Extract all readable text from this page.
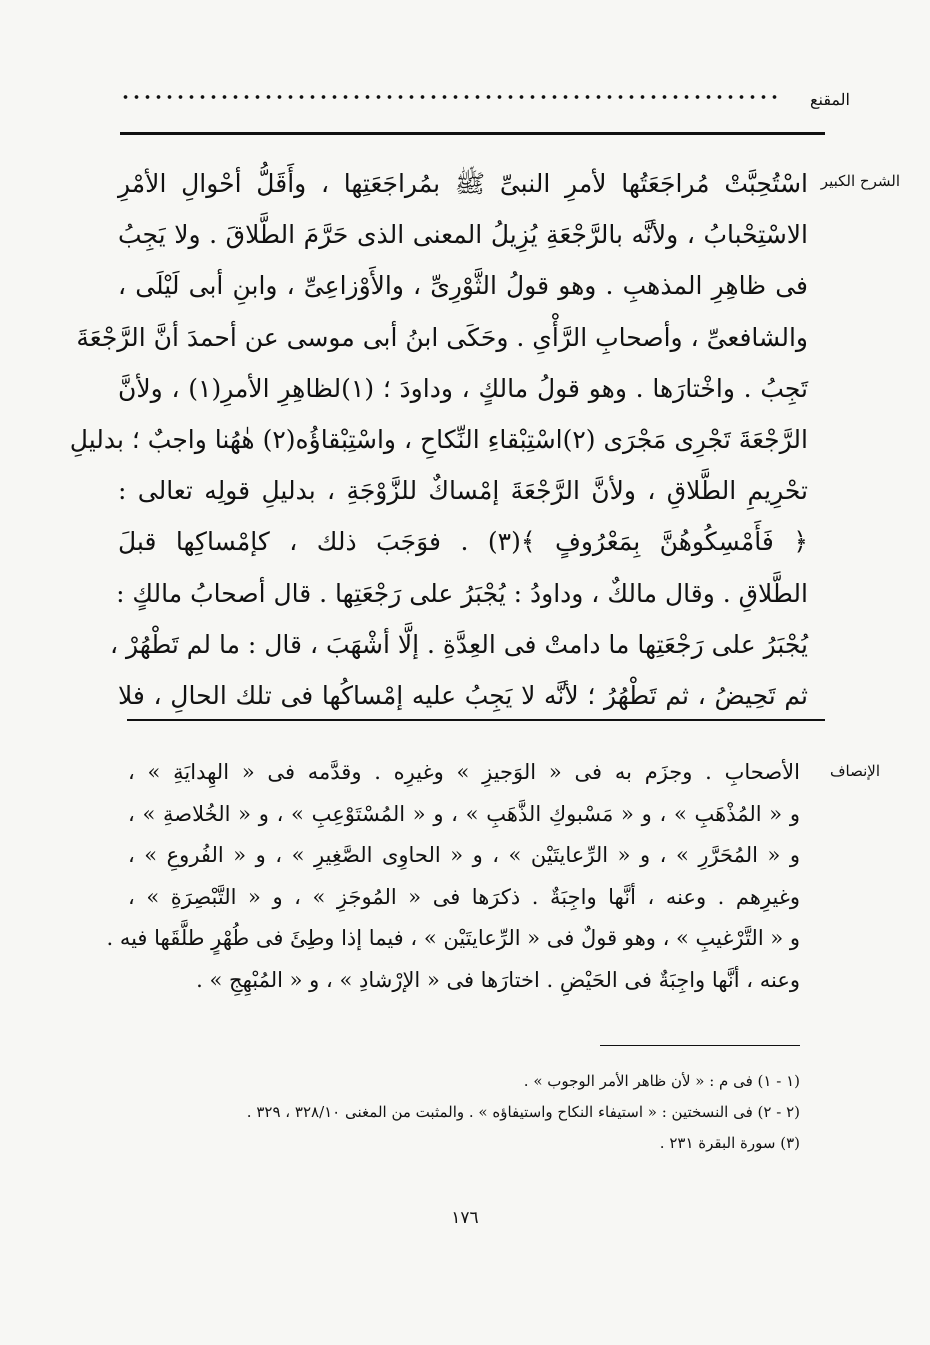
المقنع
الشرح الكبير
اسْتُحِبَّتْ مُراجَعَتُها لأمرِ النبىِّ ﷺ بمُراجَعَتِها ، وأَقَلُّ أحْوالِ الأمْرِ
الاسْتِحْبابُ ، ولأنَّه بالرَّجْعَةِ يُزِيلُ المعنى الذى حَرَّمَ الطَّلاقَ . ولا يَجِبُ
فى ظاهِرِ المذهبِ . وهو قولُ الثَّوْرِىِّ ، والأَوْزاعِىِّ ، وابنِ أبى لَيْلَى ،
والشافعىِّ ، وأصحابِ الرَّأْىِ . وحَكَى ابنُ أبى موسى عن أحمدَ أنَّ الرَّجْعَةَ
تَجِبُ . واخْتارَها . وهو قولُ مالكٍ ، وداودَ ؛ (١)لظاهِرِ الأمرِ(١) ، ولأنَّ
الرَّجْعَةَ تَجْرِى مَجْرَى (٢)اسْتِبْقاءِ النِّكاحِ ، واسْتِبْقاؤُه(٢) هٰهُنا واجبٌ ؛ بدليلِ
تحْرِيمِ الطَّلاقِ ، ولأنَّ الرَّجْعَةَ إمْساكٌ للزَّوْجَةِ ، بدليلِ قولِه تعالى :
﴿ فَأَمْسِكُوهُنَّ بِمَعْرُوفٍ ﴾(٣) . فوَجَبَ ذلك ، كإمْساكِها قبلَ
الطَّلاقِ . وقال مالكٌ ، وداودُ : يُجْبَرُ على رَجْعَتِها . قال أصحابُ مالكٍ :
يُجْبَرُ على رَجْعَتِها ما دامتْ فى العِدَّةِ . إلَّا أشْهَبَ ، قال : ما لم تَطْهُرْ ،
ثم تَحِيضُ ، ثم تَطْهُرُ ؛ لأنَّه لا يَجِبُ عليه إمْساكُها فى تلك الحالِ ، فلا
الإنصاف
الأصحابِ . وجزَم به فى « الوَجيزِ » وغيرِه . وقدَّمه فى « الهِدايَةِ » ،
و « المُذْهَبِ » ، و « مَسْبوكِ الذَّهَبِ » ، و « المُسْتَوْعِبِ » ، و « الخُلاصةِ » ،
و « المُحَرَّرِ » ، و « الرِّعايتَيْن » ، و « الحاوِى الصَّغِيرِ » ، و « الفُروعِ » ،
وغيرِهم . وعنه ، أنَّها واجِبَةٌ . ذكرَها فى « المُوجَزِ » ، و « التَّبْصِرَةِ » ،
و « التَّرْغيبِ » ، وهو قولٌ فى « الرِّعايتَيْن » ، فيما إذا وطِئَ فى طُهْرٍ طلَّقَها فيه .
وعنه ، أنَّها واجِبَةٌ فى الحَيْضِ . اختارَها فى « الإرْشادِ » ، و « المُبْهِجِ » .
(١ - ١) فى م : « لأن ظاهر الأمر الوجوب » .
(٢ - ٢) فى النسختين : « استيفاء النكاح واستيفاؤه » . والمثبت من المغنى ٣٢٨/١٠ ، ٣٢٩ .
(٣) سورة البقرة ٢٣١ .
١٧٦
